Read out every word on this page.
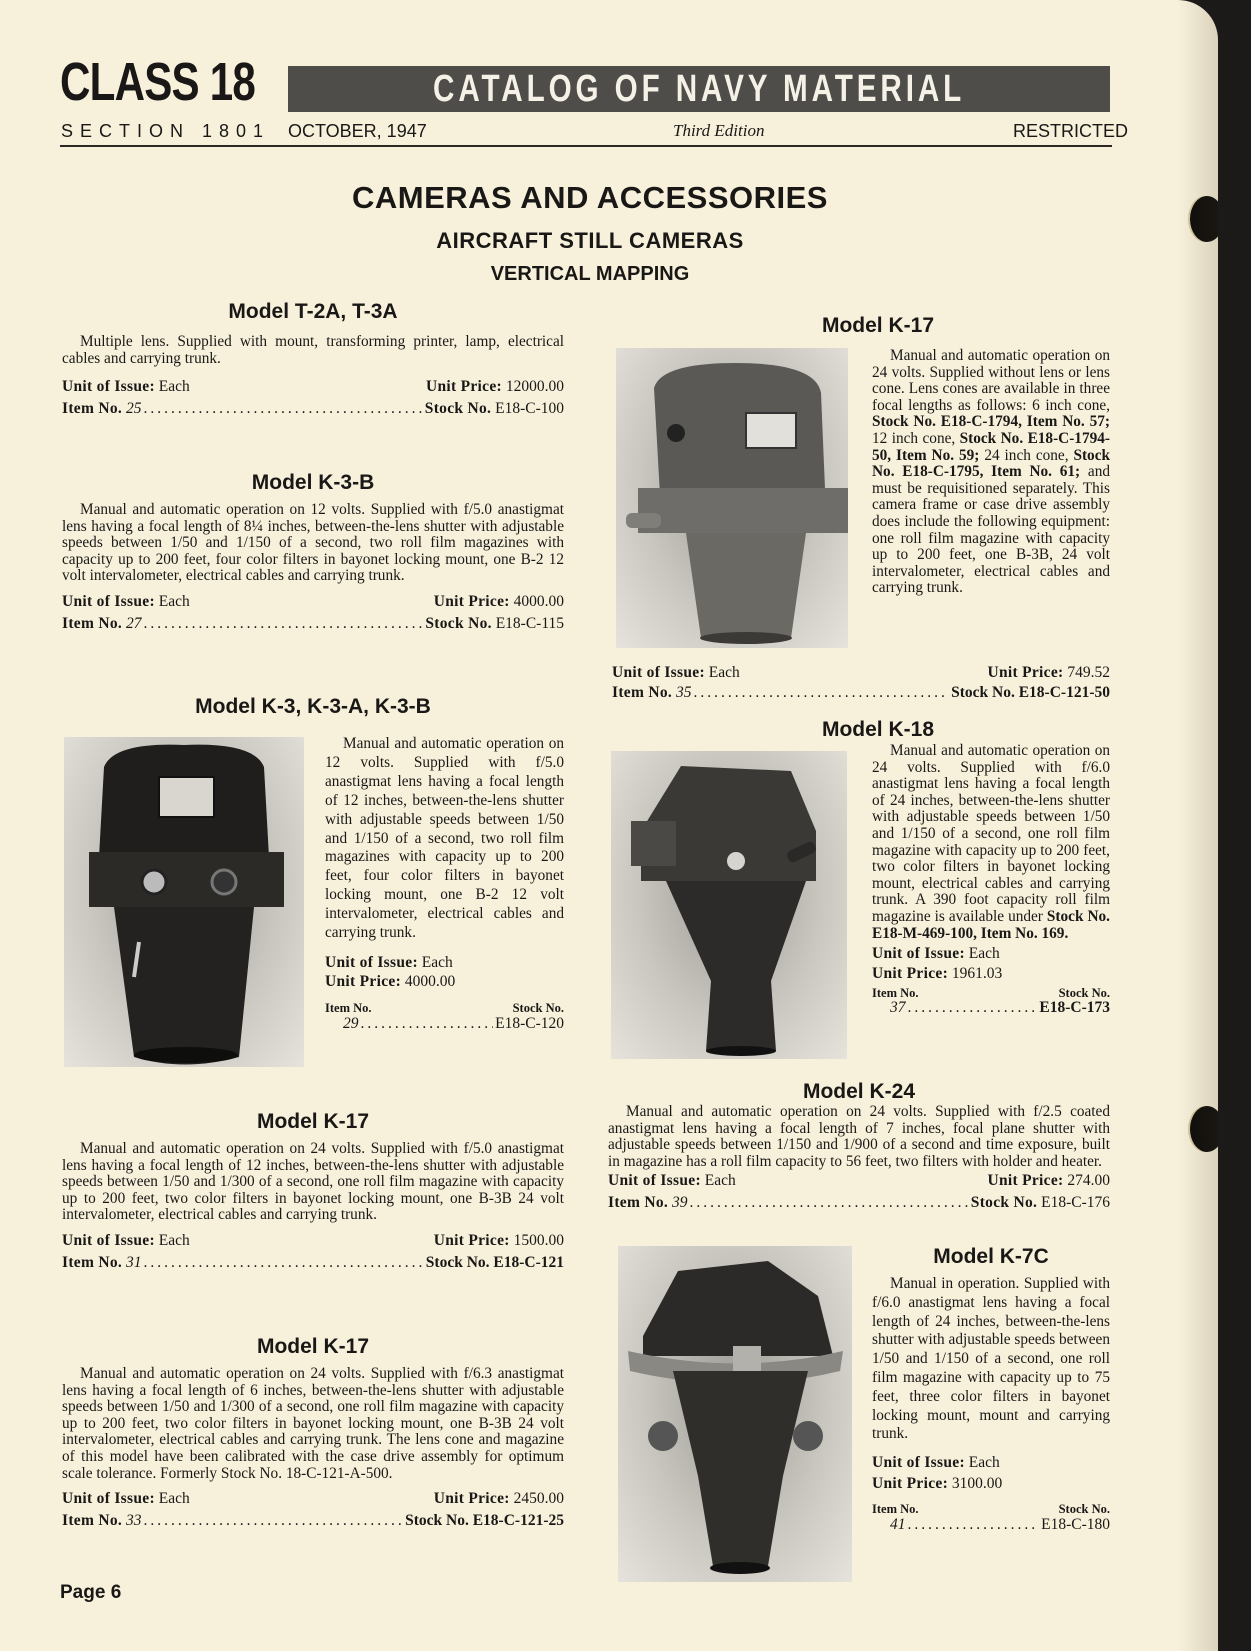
CLASS 18	CATALOG OF NAVY MATERIAL
SECTION 1801 OCTOBER, 1947	Third Edition	RESTRICTED
CAMERAS AND ACCESSORIES
AIRCRAFT STILL CAMERAS
VERTICAL MAPPING
Model T-2A, T-3A

Multiple lens. Supplied with mount, transforming printer, lamp, electrical cables and carrying trunk.

Unit of Issue: Each	Unit Price: 12000.00
Item No. 25 .....	Stock No. E18-C-100
Model K-3-B

Manual and automatic operation on 12 volts. Supplied with f/5.0 anastigmat lens having a focal length of 8¼ inches, between-the-lens shutter with adjustable speeds between 1/50 and 1/150 of a second, two roll film magazines with capacity up to 200 feet, four color filters in bayonet locking mount, one B-2 12 volt intervalometer, electrical cables and carrying trunk.

Unit of Issue: Each	Unit Price: 4000.00
Item No. 27 .....	Stock No. E18-C-115
Model K-3, K-3-A, K-3-B

Manual and automatic operation on 12 volts. Supplied with f/5.0 anastigmat lens having a focal length of 12 inches, between-the-lens shutter with adjustable speeds between 1/50 and 1/150 of a second, two roll film magazines with capacity up to 200 feet, four color filters in bayonet locking mount, one B-2 12 volt intervalometer, electrical cables and carrying trunk.

Unit of Issue: Each
Unit Price: 4000.00
Item No.	Stock No.
29 .....	E18-C-120
Model K-17

Manual and automatic operation on 24 volts. Supplied with f/5.0 anastigmat lens having a focal length of 12 inches, between-the-lens shutter with adjustable speeds between 1/50 and 1/300 of a second, one roll film magazine with capacity up to 200 feet, two color filters in bayonet locking mount, one B-3B 24 volt intervalometer, electrical cables and carrying trunk.

Unit of Issue: Each	Unit Price: 1500.00
Item No. 31 .....	Stock No. E18-C-121
Model K-17

Manual and automatic operation on 24 volts. Supplied with f/6.3 anastigmat lens having a focal length of 6 inches, between-the-lens shutter with adjustable speeds between 1/50 and 1/300 of a second, one roll film magazine with capacity up to 200 feet, two color filters in bayonet locking mount, one B-3B 24 volt intervalometer, electrical cables and carrying trunk. The lens cone and magazine of this model have been calibrated with the case drive assembly for optimum scale tolerance. Formerly Stock No. 18-C-121-A-500.

Unit of Issue: Each	Unit Price: 2450.00
Item No. 33 .....	Stock No. E18-C-121-25
Page 6
Model K-17

Manual and automatic operation on 24 volts. Supplied without lens or lens cone. Lens cones are available in three focal lengths as follows: 6 inch cone, Stock No. E18-C-1794, Item No. 57; 12 inch cone, Stock No. E18-C-1794-50, Item No. 59; 24 inch cone, Stock No. E18-C-1795, Item No. 61; and must be requisitioned separately. This camera frame or case drive assembly does include the following equipment: one roll film magazine with capacity up to 200 feet, one B-3B, 24 volt intervalometer, electrical cables and carrying trunk.

Unit of Issue: Each	Unit Price: 749.52
Item No. 35 .....	Stock No. E18-C-121-50
Model K-18

Manual and automatic operation on 24 volts. Supplied with f/6.0 anastigmat lens having a focal length of 24 inches, between-the-lens shutter with adjustable speeds between 1/50 and 1/150 of a second, one roll film magazine with capacity up to 200 feet, two color filters in bayonet locking mount, electrical cables and carrying trunk. A 390 foot capacity roll film magazine is available under Stock No. E18-M-469-100, Item No. 169.

Unit of Issue: Each
Unit Price: 1961.03
Item No.	Stock No.
37 .....	E18-C-173
Model K-24

Manual and automatic operation on 24 volts. Supplied with f/2.5 coated anastigmat lens having a focal length of 7 inches, focal plane shutter with adjustable speeds between 1/150 and 1/900 of a second and time exposure, built in magazine has a roll film capacity to 56 feet, two filters with holder and heater.

Unit of Issue: Each	Unit Price: 274.00
Item No. 39 .....	Stock No. E18-C-176
Model K-7C

Manual in operation. Supplied with f/6.0 anastigmat lens having a focal length of 24 inches, between-the-lens shutter with adjustable speeds between 1/50 and 1/150 of a second, one roll film magazine with capacity up to 75 feet, three color filters in bayonet locking mount, mount and carrying trunk.

Unit of Issue: Each
Unit Price: 3100.00
Item No.	Stock No.
41 .....	E18-C-180
